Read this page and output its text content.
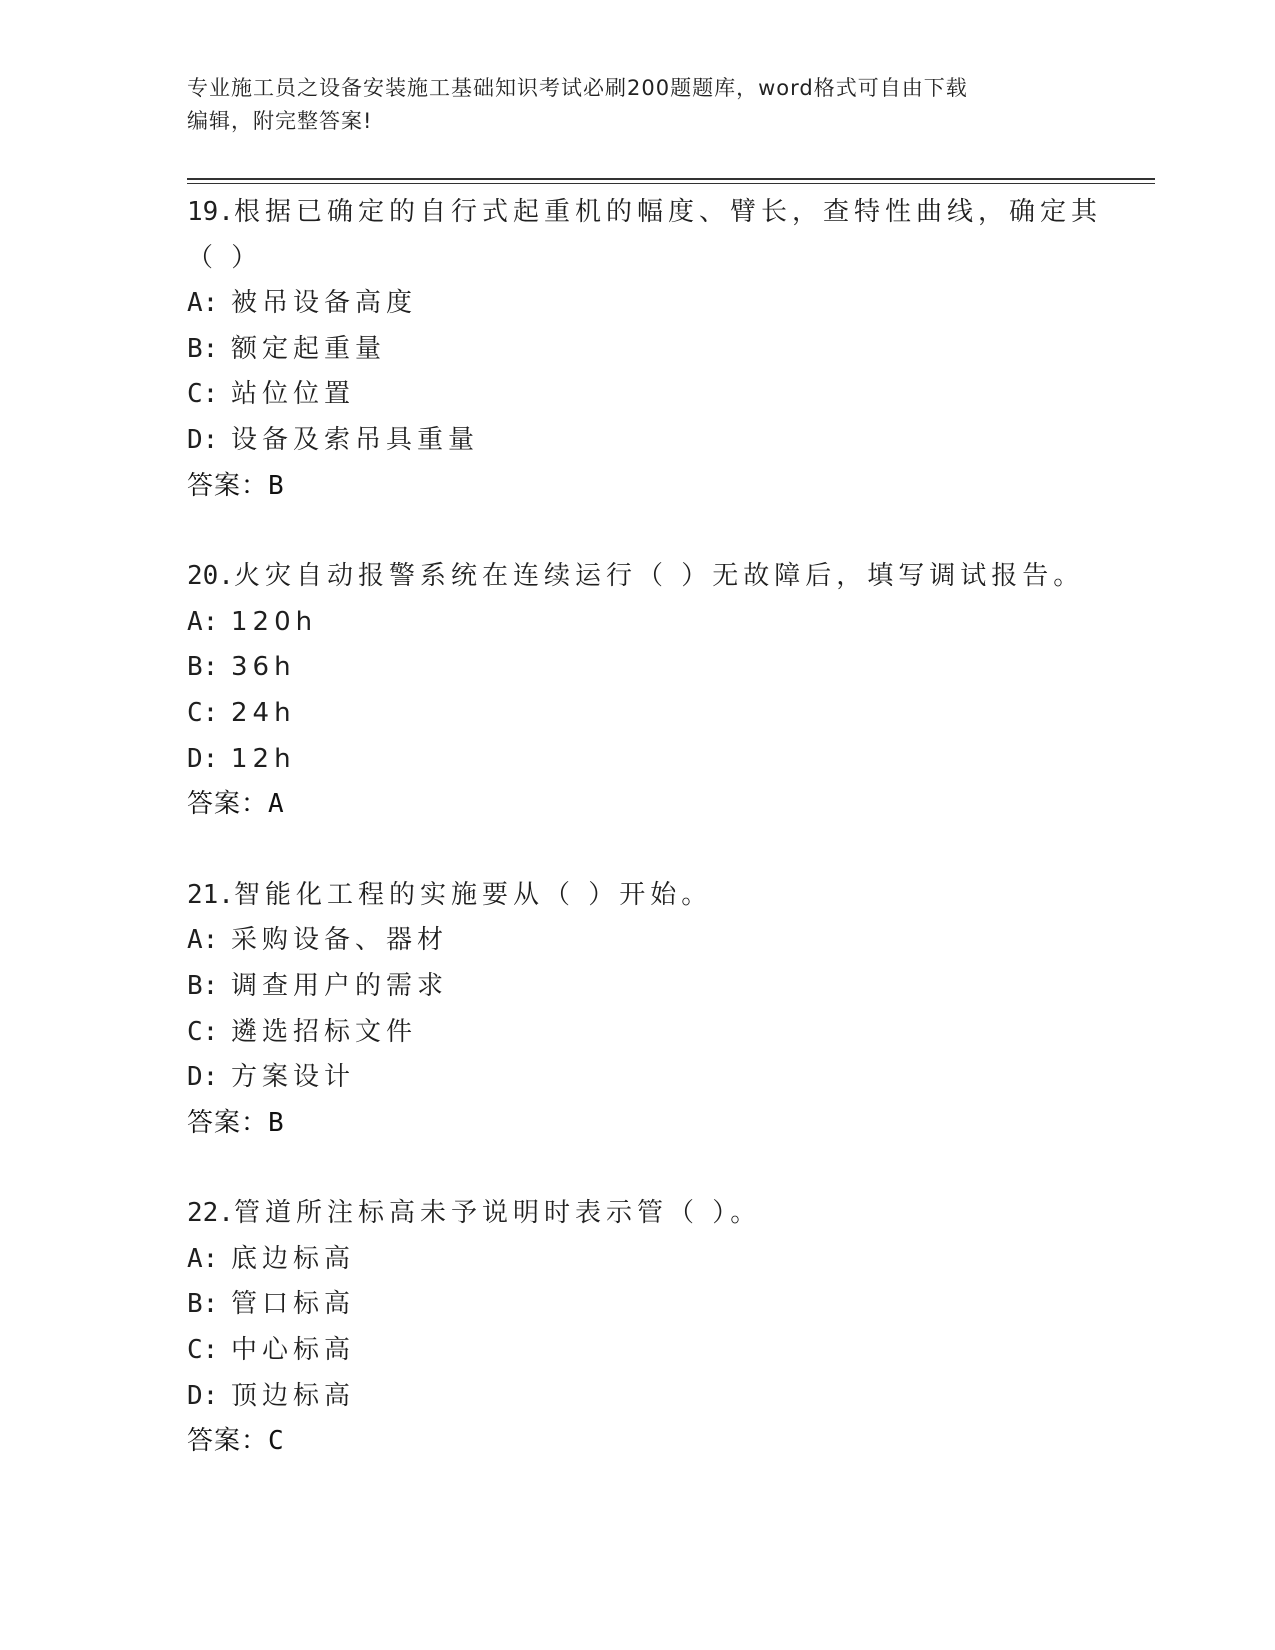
专业施工员之设备安装施工基础知识考试必刷200题题库，word格式可自由下载
编辑，附完整答案!
19.根据已确定的自行式起重机的幅度、臂长，查特性曲线，确定其（ ）
A: 被吊设备高度
B: 额定起重量
C: 站位位置
D: 设备及索吊具重量
答案：B
20.火灾自动报警系统在连续运行（ ）无故障后，填写调试报告。
A: 120h
B: 36h
C: 24h
D: 12h
答案：A
21.智能化工程的实施要从（ ）开始。
A: 采购设备、器材
B: 调查用户的需求
C: 遴选招标文件
D: 方案设计
答案：B
22.管道所注标高未予说明时表示管（ ）。
A: 底边标高
B: 管口标高
C: 中心标高
D: 顶边标高
答案：C
